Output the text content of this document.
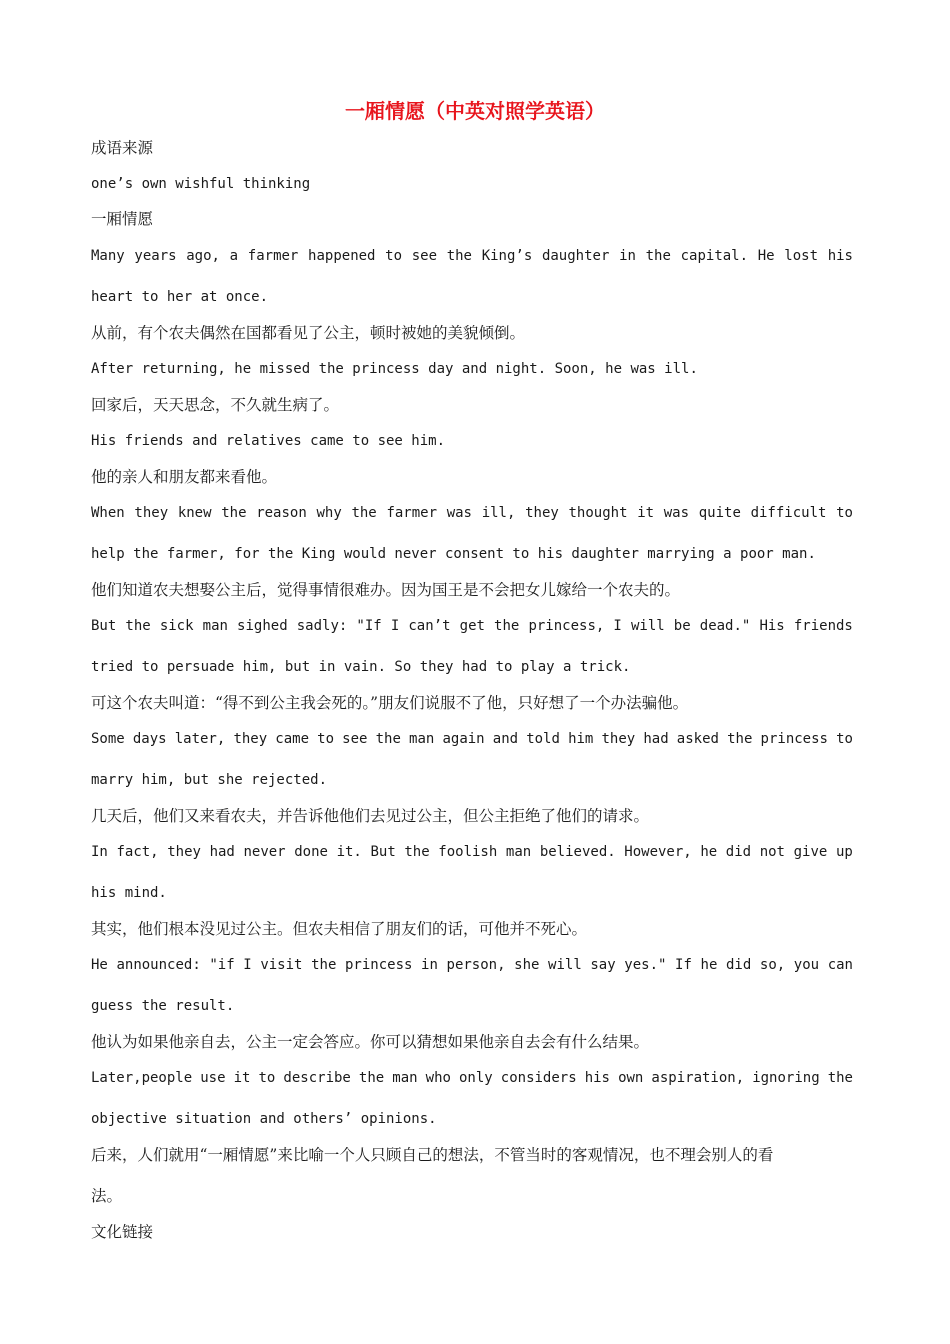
一厢情愿（中英对照学英语）
成语来源
one’s own wishful thinking
一厢情愿
Many years ago, a farmer happened to see the King’s daughter in the capital. He lost his
heart to her at once.
从前，有个农夫偶然在国都看见了公主，顿时被她的美貌倾倒。
After returning, he missed the princess day and night. Soon, he was ill.
回家后，天天思念，不久就生病了。
His friends and relatives came to see him.
他的亲人和朋友都来看他。
When they knew the reason why the farmer was ill, they thought it was quite difficult to
help the farmer, for the King would never consent to his daughter marrying a poor man.
他们知道农夫想娶公主后，觉得事情很难办。因为国王是不会把女儿嫁给一个农夫的。
But the sick man sighed sadly: "If I can’t get the princess, I will be dead." His friends
tried to persuade him, but in vain. So they had to play a trick.
可这个农夫叫道：“得不到公主我会死的。”朋友们说服不了他，只好想了一个办法骗他。
Some days later, they came to see the man again and told him they had asked the princess to
marry him, but she rejected.
几天后，他们又来看农夫，并告诉他他们去见过公主，但公主拒绝了他们的请求。
In fact, they had never done it. But the foolish man believed. However, he did not give up
his mind.
其实，他们根本没见过公主。但农夫相信了朋友们的话，可他并不死心。
He announced: "if I visit the princess in person, she will say yes." If he did so, you can
guess the result.
他认为如果他亲自去，公主一定会答应。你可以猜想如果他亲自去会有什么结果。
Later,people use it to describe the man who only considers his own aspiration, ignoring the
objective situation and others’ opinions.
后来，人们就用“一厢情愿”来比喻一个人只顾自己的想法，不管当时的客观情况，也不理会别人的看
法。
文化链接
